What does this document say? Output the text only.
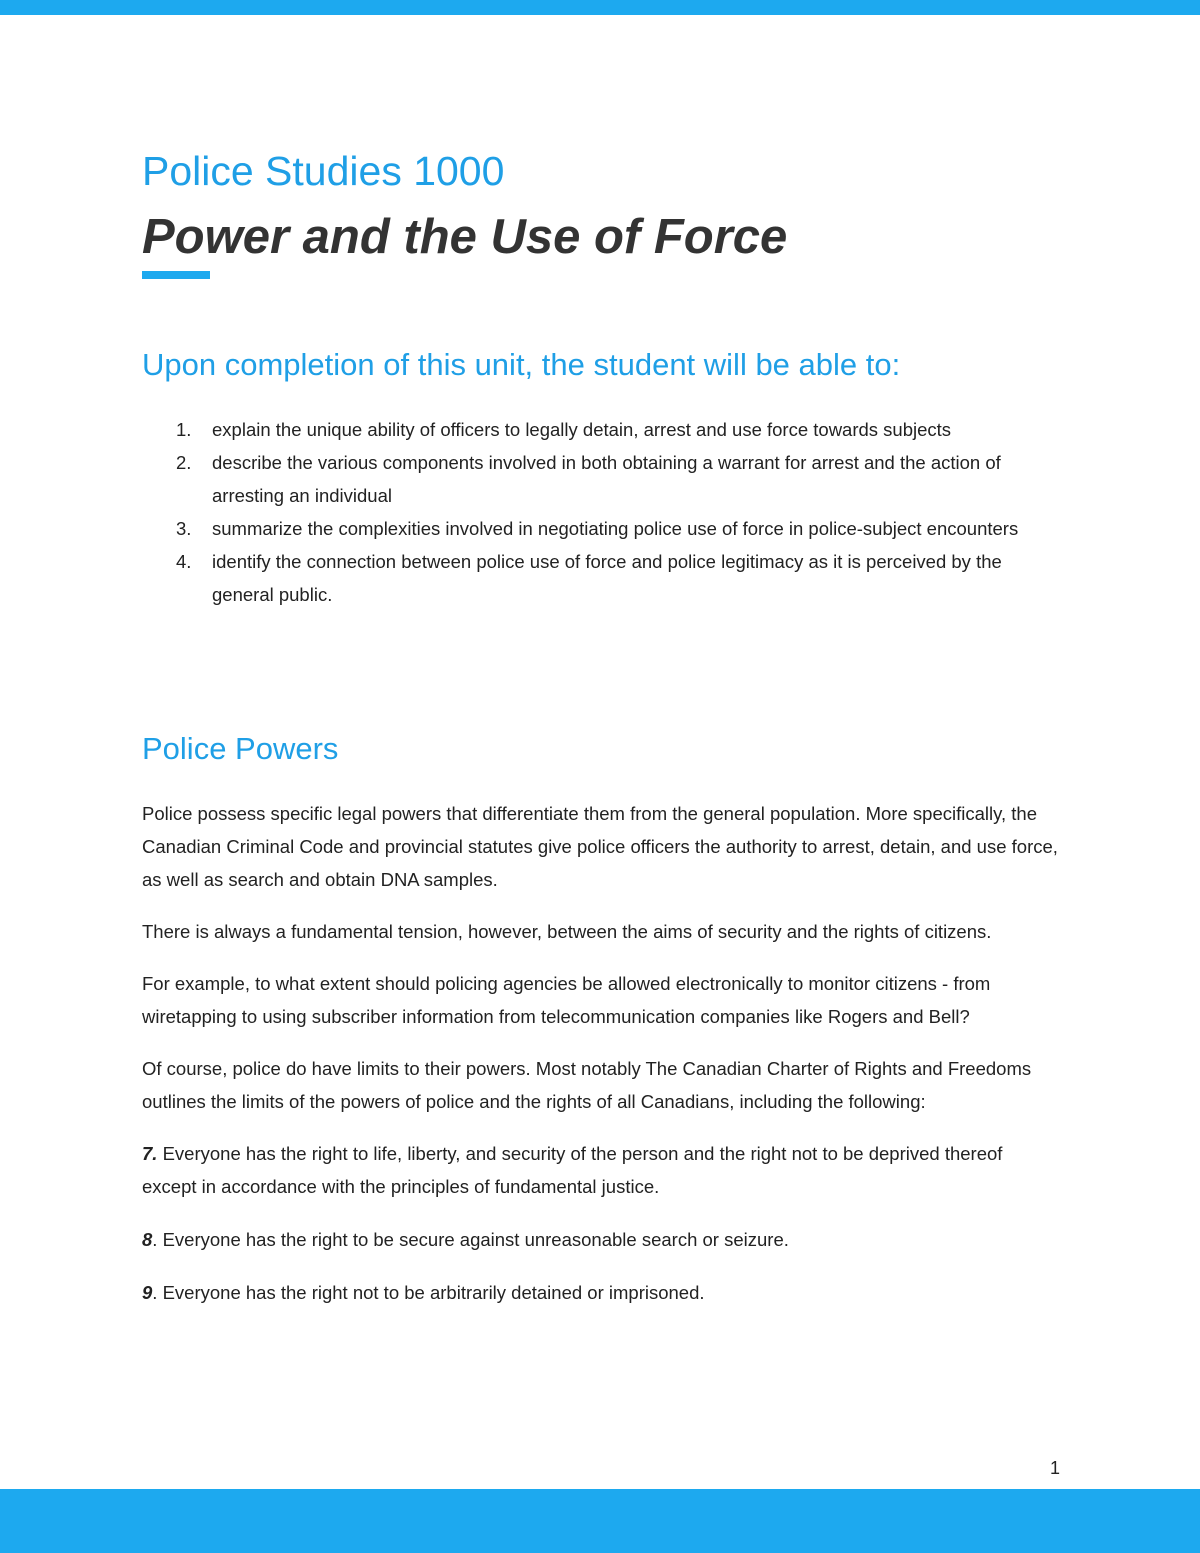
Police Studies 1000
Power and the Use of Force
Upon completion of this unit, the student will be able to:
1. explain the unique ability of officers to legally detain, arrest and use force towards subjects
2. describe the various components involved in both obtaining a warrant for arrest and the action of arresting an individual
3. summarize the complexities involved in negotiating police use of force in police-subject encounters
4. identify the connection between police use of force and police legitimacy as it is perceived by the general public.
Police Powers

Police possess specific legal powers that differentiate them from the general population. More specifically, the Canadian Criminal Code and provincial statutes give police officers the authority to arrest, detain, and use force, as well as search and obtain DNA samples.

There is always a fundamental tension, however, between the aims of security and the rights of citizens.

For example, to what extent should policing agencies be allowed electronically to monitor citizens - from wiretapping to using subscriber information from telecommunication companies like Rogers and Bell?

Of course, police do have limits to their powers. Most notably The Canadian Charter of Rights and Freedoms outlines the limits of the powers of police and the rights of all Canadians, including the following:

7. Everyone has the right to life, liberty, and security of the person and the right not to be deprived thereof except in accordance with the principles of fundamental justice.

8. Everyone has the right to be secure against unreasonable search or seizure.

9. Everyone has the right not to be arbitrarily detained or imprisoned.

1
